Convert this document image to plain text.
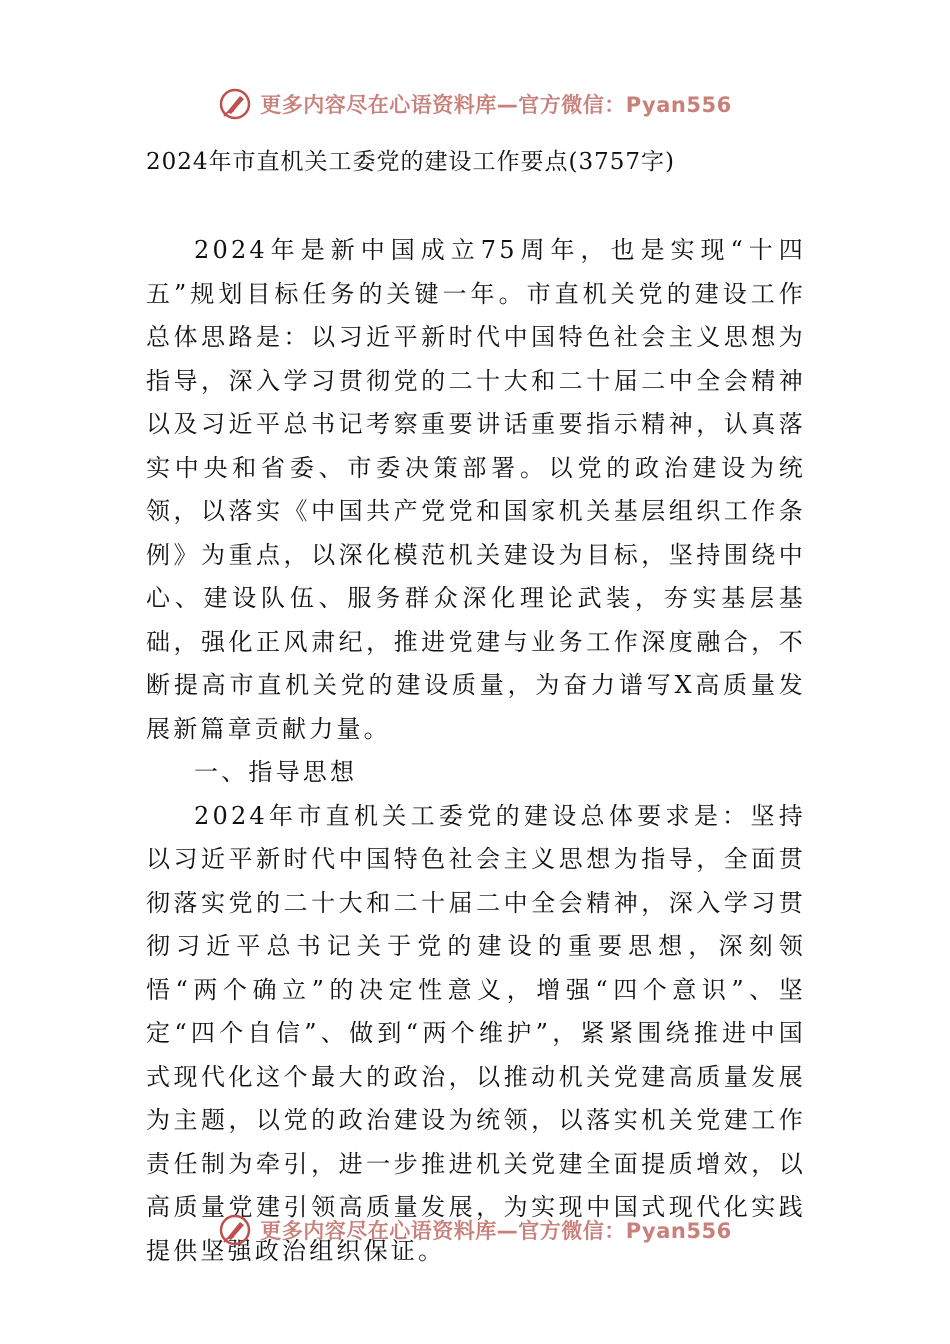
更多内容尽在心语资料库—官方微信：Pyan556
2024年市直机关工委党的建设工作要点(3757字)

2024年是新中国成立75周年，也是实现“十四五”规划目标任务的关键一年。市直机关党的建设工作总体思路是：以习近平新时代中国特色社会主义思想为指导，深入学习贯彻党的二十大和二十届二中全会精神以及习近平总书记考察重要讲话重要指示精神，认真落实中央和省委、市委决策部署。以党的政治建设为统领，以落实《中国共产党党和国家机关基层组织工作条例》为重点，以深化模范机关建设为目标，坚持围绕中心、建设队伍、服务群众深化理论武装，夯实基层基础，强化正风肃纪，推进党建与业务工作深度融合，不断提高市直机关党的建设质量，为奋力谱写X高质量发展新篇章贡献力量。

一、指导思想

2024年市直机关工委党的建设总体要求是：坚持以习近平新时代中国特色社会主义思想为指导，全面贯彻落实党的二十大和二十届二中全会精神，深入学习贯彻习近平总书记关于党的建设的重要思想，深刻领悟“两个确立”的决定性意义，增强“四个意识”、坚定“四个自信”、做到“两个维护”，紧紧围绕推进中国式现代化这个最大的政治，以推动机关党建高质量发展为主题，以党的政治建设为统领，以落实机关党建工作责任制为牵引，进一步推进机关党建全面提质增效，以高质量党建引领高质量发展，为实现中国式现代化实践提供坚强政治组织保证。

更多内容尽在心语资料库—官方微信：Pyan556
